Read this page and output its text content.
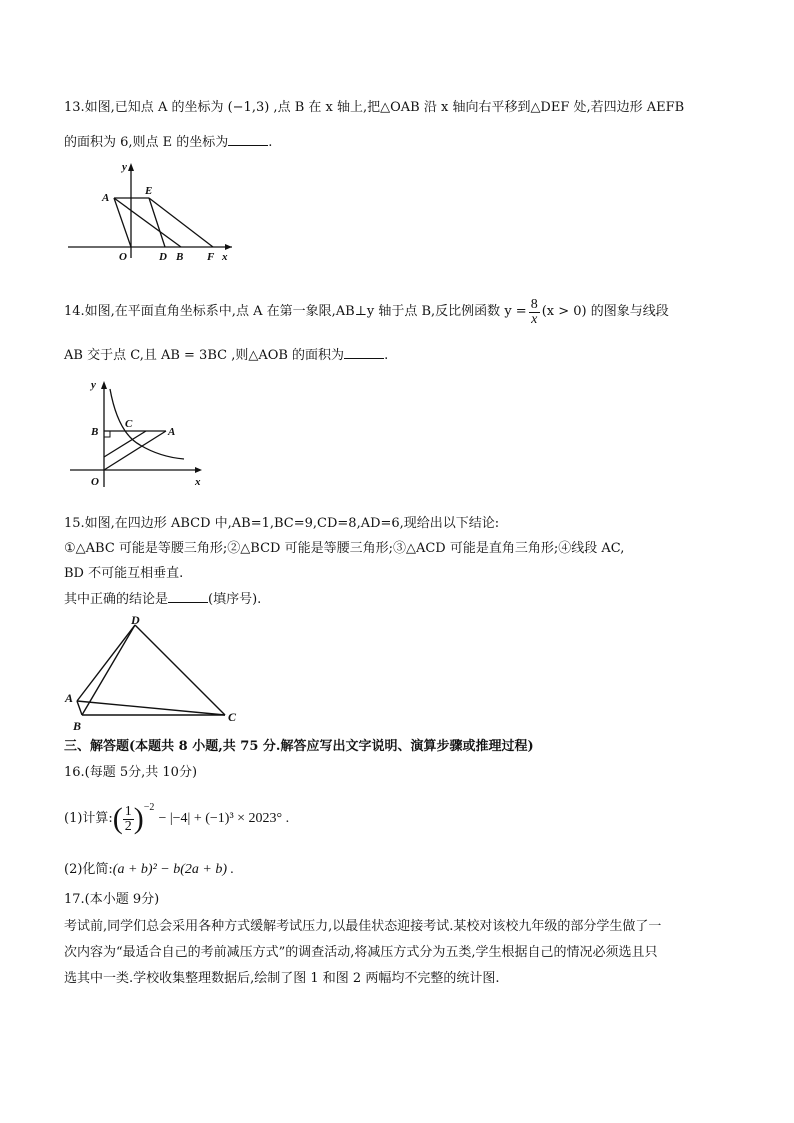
13.如图,已知点 A 的坐标为 (−1,3) ,点 B 在 x 轴上,把△OAB 沿 x 轴向右平移到△DEF 处,若四边形 AEFB
的面积为 6,则点 E 的坐标为	.
y
A
E
O	D B F x
14.如图,在平面直角坐标系中,点 A 在第一象限,AB⊥y 轴于点 B,反比例函数 $y = \frac{8}{x} (x > 0)$ 的图象与线段
AB 交于点 C,且 AB = 3BC ,则△AOB 的面积为	.
y
B
C
A
O	x
15.如图,在四边形 ABCD 中,AB=1,BC=9,CD=8,AD=6,现给出以下结论:
①△ABC 可能是等腰三角形;②△BCD 可能是等腰三角形;③△ACD 可能是直角三角形;④线段 AC,
BD 不可能互相垂直.
其中正确的结论是	(填序号).
D
A
B
C
三、解答题(本题共 8 小题,共 75 分.解答应写出文字说明、演算步骤或推理过程)
16.(每题 5分,共 10分)
(1)计算: ( $\frac{1}{2} )^{-2}$
− |−4| + (−1)³ × 2023° .
(2)化简:(a + b)² − b(2a + b) .
17.(本小题 9分)
考试前,同学们总会采用各种方式缓解考试压力,以最佳状态迎接考试.某校对该校九年级的部分学生做了一
次内容为“最适合自己的考前减压方式”的调查活动,将减压方式分为五类,学生根据自己的情况必须选且只
选其中一类.学校收集整理数据后,绘制了图 1 和图 2 两幅均不完整的统计图.
